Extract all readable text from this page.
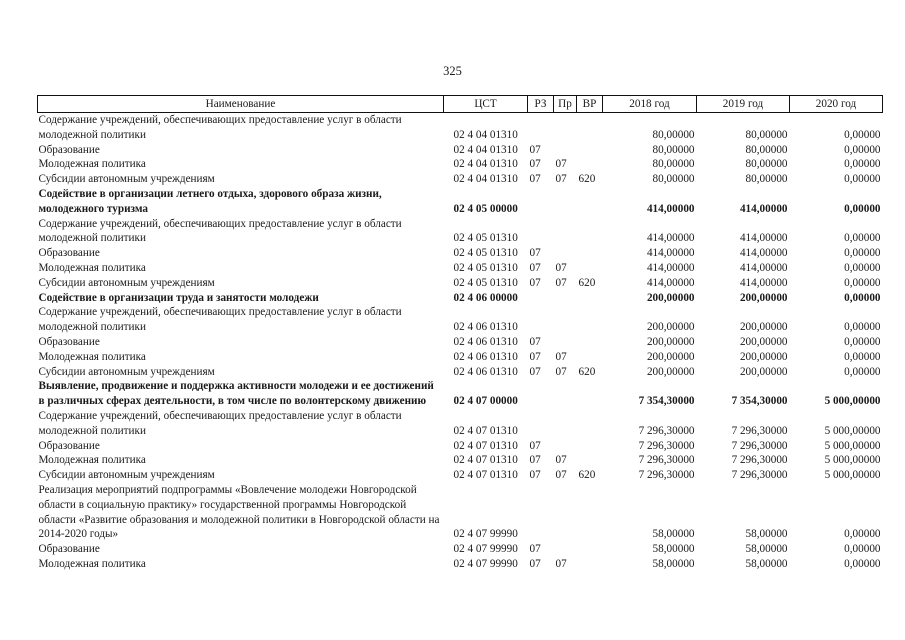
325
Наименование	ЦСТ	РЗ	Пр	ВР	2018 год	2019 год	2020 год
Содержание учреждений, обеспечивающих предоставление услуг в области молодежной политики	02 4 04 01310				80,00000	80,00000	0,00000
Образование	02 4 04 01310	07			80,00000	80,00000	0,00000
Молодежная политика	02 4 04 01310	07	07		80,00000	80,00000	0,00000
Субсидии автономным учреждениям	02 4 04 01310	07	07	620	80,00000	80,00000	0,00000
Содействие в организации летнего отдыха, здорового образа жизни, молодежного туризма	02 4 05 00000				414,00000	414,00000	0,00000
Содержание учреждений, обеспечивающих предоставление услуг в области молодежной политики	02 4 05 01310				414,00000	414,00000	0,00000
Образование	02 4 05 01310	07			414,00000	414,00000	0,00000
Молодежная политика	02 4 05 01310	07	07		414,00000	414,00000	0,00000
Субсидии автономным учреждениям	02 4 05 01310	07	07	620	414,00000	414,00000	0,00000
Содействие в организации труда и занятости молодежи	02 4 06 00000				200,00000	200,00000	0,00000
Содержание учреждений, обеспечивающих предоставление услуг в области молодежной политики	02 4 06 01310				200,00000	200,00000	0,00000
Образование	02 4 06 01310	07			200,00000	200,00000	0,00000
Молодежная политика	02 4 06 01310	07	07		200,00000	200,00000	0,00000
Субсидии автономным учреждениям	02 4 06 01310	07	07	620	200,00000	200,00000	0,00000
Выявление, продвижение и поддержка активности молодежи и ее достижений в различных сферах деятельности, в том числе по волонтерскому движению	02 4 07 00000				7 354,30000	7 354,30000	5 000,00000
Содержание учреждений, обеспечивающих предоставление услуг в области молодежной политики	02 4 07 01310				7 296,30000	7 296,30000	5 000,00000
Образование	02 4 07 01310	07			7 296,30000	7 296,30000	5 000,00000
Молодежная политика	02 4 07 01310	07	07		7 296,30000	7 296,30000	5 000,00000
Субсидии автономным учреждениям	02 4 07 01310	07	07	620	7 296,30000	7 296,30000	5 000,00000
Реализация мероприятий подпрограммы «Вовлечение молодежи Новгородской области в социальную практику» государственной программы Новгородской области «Развитие образования и молодежной политики в Новгородской области на 2014-2020 годы»	02 4 07 99990				58,00000	58,00000	0,00000
Образование	02 4 07 99990	07			58,00000	58,00000	0,00000
Молодежная политика	02 4 07 99990	07	07		58,00000	58,00000	0,00000
